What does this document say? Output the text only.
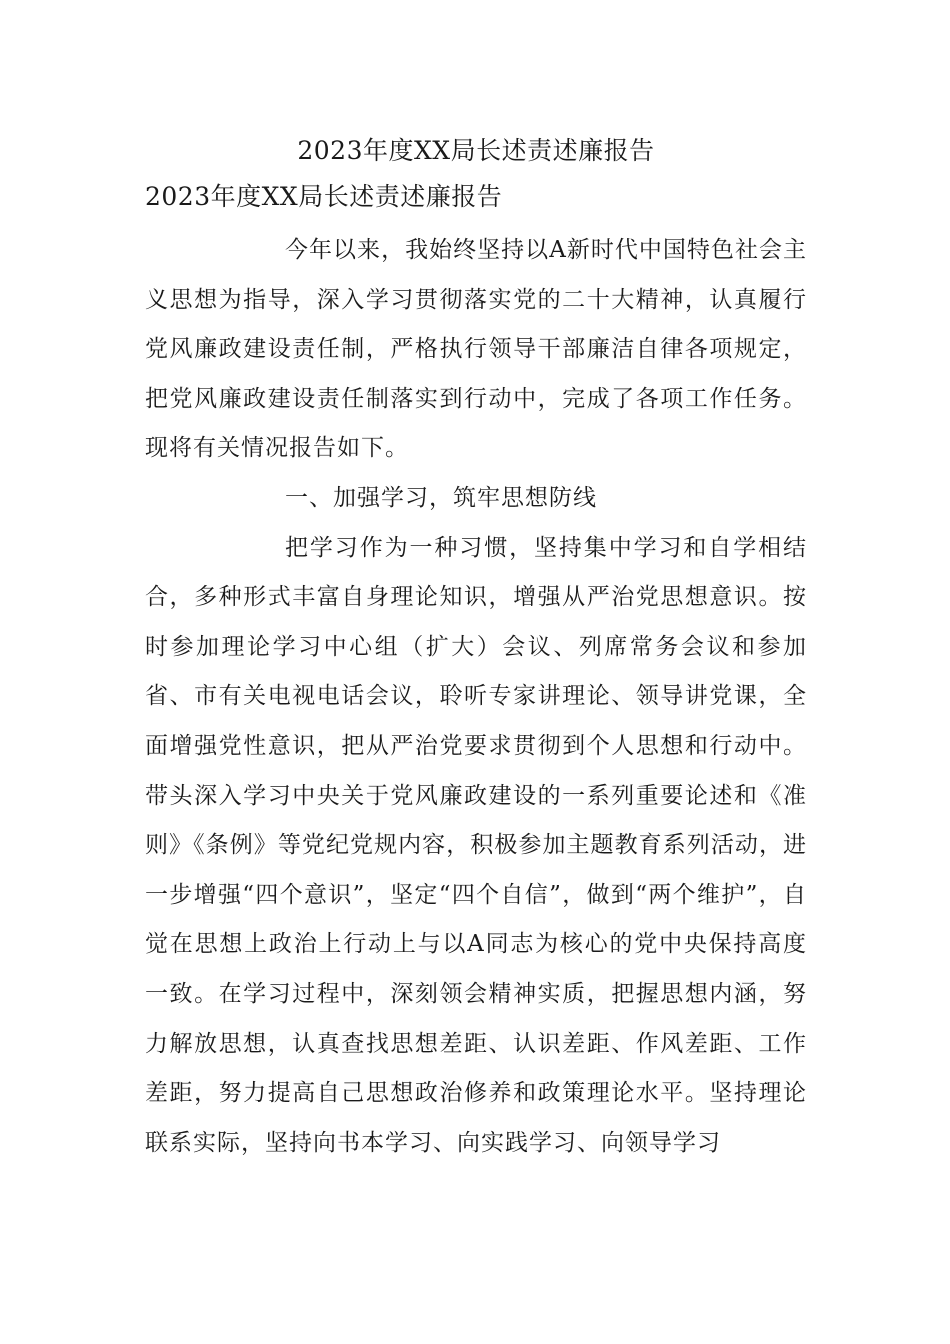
2023年度XX局长述责述廉报告
2023年度XX局长述责述廉报告

今年以来，我始终坚持以A新时代中国特色社会主义思想为指导，深入学习贯彻落实党的二十大精神，认真履行党风廉政建设责任制，严格执行领导干部廉洁自律各项规定，把党风廉政建设责任制落实到行动中，完成了各项工作任务。现将有关情况报告如下。

一、加强学习，筑牢思想防线

把学习作为一种习惯，坚持集中学习和自学相结合，多种形式丰富自身理论知识，增强从严治党思想意识。按时参加理论学习中心组（扩大）会议、列席常务会议和参加省、市有关电视电话会议，聆听专家讲理论、领导讲党课，全面增强党性意识，把从严治党要求贯彻到个人思想和行动中。带头深入学习中央关于党风廉政建设的一系列重要论述和《准则》《条例》等党纪党规内容，积极参加主题教育系列活动，进一步增强“四个意识”，坚定“四个自信”，做到“两个维护”，自觉在思想上政治上行动上与以A同志为核心的党中央保持高度一致。在学习过程中，深刻领会精神实质，把握思想内涵，努力解放思想，认真查找思想差距、认识差距、作风差距、工作差距，努力提高自己思想政治修养和政策理论水平。坚持理论联系实际，坚持向书本学习、向实践学习、向领导学习
